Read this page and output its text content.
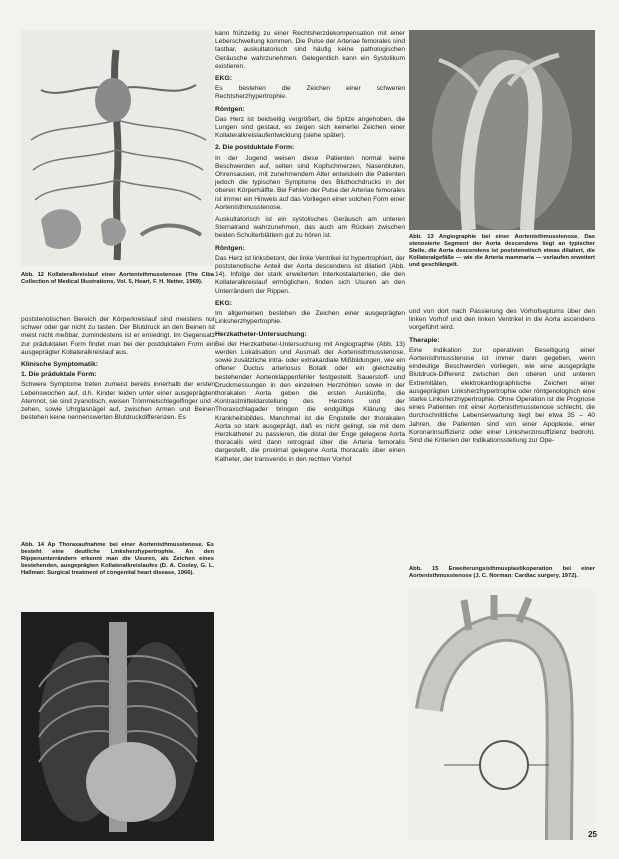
Abb. 12 Kollateralkreislauf einer Aortenisthmusstenose (The Ciba Collection of Medical Illustrations, Vol. 5, Heart, F. H. Netter, 1969).

poststenotischen Bereich der Körperkreislauf sind meistens nur schwer oder gar nicht zu tasten. Der Blutdruck an den Beinen ist meist nicht meßbar, zumindestens ist er erniedrigt. Im Gegensatz zur präduktalen Form findet man bei der postduktalen Form ein ausgeprägter Kollateralkreislauf aus.

Klinische Symptomatik:
1. Die präduktale Form:

Schwere Symptome treten zumeist bereits innerhalb der ersten Lebenswochen auf, d.h. Kinder leiden unter einer ausgeprägten Atemnot, sie sind zyanotisch, weisen Trommelschlegelfinger und -zehen, sowie Uhrglasnägel auf, zwischen Armen und Beinen bestehen keine nennenswerten Blutdruckdifferenzen. Es

Abb. 14 Ap Thoraxaufnahme bei einer Aortenisthmusstenose. Es besteht eine deutliche Linksherzhypertrophie. An den Rippenunterrändern erkennt man die Usuren, als Zeichen eines bestehenden, ausgeprägten Kollateralkreislaufes (D. A. Cooley, G. L. Hallman: Surgical treatment of congenital heart disease, 1966).

kann frühzeitig zu einer Rechtsherzdekompensation mit einer Leberschwellung kommen. Die Pulse der Arteriae femorales sind tastbar, auskultatorisch sind häufig keine pathologischen Geräusche wahrzunehmen. Gelegentlich kann ein Systolikum existieren.

EKG:

Es bestehen die Zeichen einer schweren Rechtsherzhypertrophie.

Röntgen:

Das Herz ist beidseitig vergrößert, die Spitze angehoben, die Lungen sind gestaut, es zeigen sich keinerlei Zeichen einer Kollateralkreislaufentwicklung (siehe später).

2. Die postduktale Form:

In der Jugend weisen diese Patienten normal keine Beschwerden auf, selten sind Kopfschmerzen, Nasenbluten, Ohrensausen, mit zunehmendem Alter entwickeln die Patienten jedoch die typischen Symptome des Bluthochdrucks in der oberen Körperhälfte. Bei Fehlen der Pulse der Arteriae femorales ist immer ein Hinweis auf das Vorliegen einer solchen Form einer Aortenisthmusstenose.

Auskultatorisch ist ein systolisches Geräusch am unteren Sternalrand wahrzunehmen, das auch am Rücken zwischen beiden Schulterblättern gut zu hören ist.

Röntgen:

Das Herz ist linksbetont, der linke Ventrikel ist hypertrophiert, der poststenotische Anteil der Aorta descendens ist dilatiert (Abb. 14). Infolge der stark erweiterten Interkostalarterien, die den Kollateralkreislauf ermöglichen, finden sich Usuren an den Unterrändern der Rippen.

EKG:

Im allgemeinen bestehen die Zeichen einer ausgeprägten Linksherzhypertrophie.

Herzkatheter-Untersuchung:

Bei der Herzkatheter-Untersuchung mit Angiographie (Abb. 13) werden Lokalisation und Ausmaß der Aortenisthmusstenose, sowie zusätzliche intra- oder extrakardiale Mißbildungen, wie ein offener Ductus arteriosus Botalli oder ein gleichzeitig bestehender Aortenklappenfehler festgestellt. Sauerstoff- und Druckmessungen in den einzelnen Herzhöhlen sowie in der thorakalen Aorta geben die ersten Auskünfte, die Kontrastmitteldarstellung des Herzens und der Thoraxschlagader bringen die endgültige Klärung des Krankheitsbildes. Manchmal ist die Engstelle der thorakalen Aorta so stark ausgeprägt, daß es nicht gelingt, sie mit dem Herzkatheter zu passieren, die distal der Enge gelegene Aorta thoracalis wird dann retrograd über die Arteria femoralis dargestellt, die proximal gelegene Aorta thoracalis über einen Katheter, der transvenös in den rechten Vorhof

Abb. 13 Angiographie bei einer Aortenisthmusstenose. Das stenosierte Segment der Aorta descendens liegt an typischer Stelle, die Aorta descendens ist poststenotisch etwas dilatiert, die Kollateralgefäße — wie die Arteria mammaria — verlaufen erweitert und geschlängelt.

und von dort nach Passierung des Vorhofseptums über den linken Vorhof und den linken Ventrikel in die Aorta ascendens vorgeführt wird.

Therapie:

Eine Indikation zur operativen Beseitigung einer Aortenisthmusstenose ist immer dann gegeben, wenn eindeutige Beschwerden vorliegen, wie eine ausgeprägte Blutdruck-Differenz zwischen den oberen und unteren Extremitäten, elektrokardiographische Zeichen einer ausgeprägten Linksherzhypertrophie oder röntgenologisch eine starke Linksherzhypertrophie. Ohne Operation ist die Prognose eines Patienten mit einer Aortenisthmusstenose schlecht, die durchschnittliche Lebenserwartung liegt bei etwa 35 – 40 Jahren, die Patienten sind von einer Apoplexie, einer Koronarinsuffizienz oder einer Linksherzinsuffizienz bedroht. Sind die Kriterien der Indikationsstellung zur Ope-

Abb. 15 Erweiterungsisthmusplastikoperation bei einer Aortenisthmusstenose (J. C. Norman: Cardiac surgery, 1972).
25
